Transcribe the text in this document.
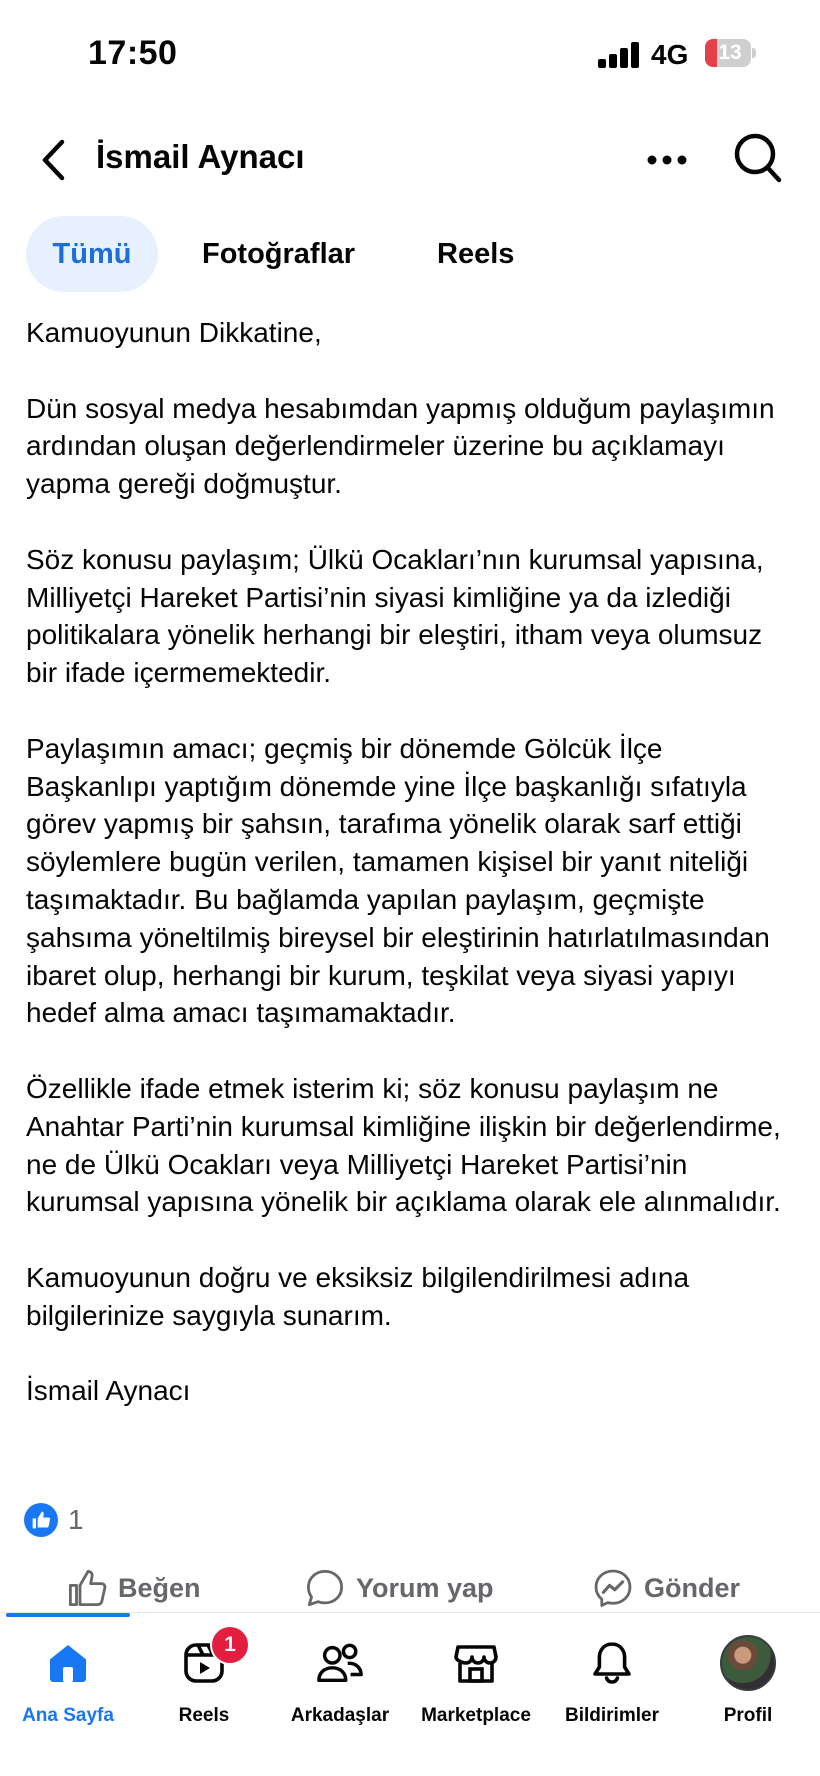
17:50	4G	13
İsmail Aynacı
Tümü	Fotoğraflar	Reels

Kamuoyunun Dikkatine,

Dün sosyal medya hesabımdan yapmış olduğum paylaşımın ardından oluşan değerlendirmeler üzerine bu açıklamayı yapma gereği doğmuştur.

Söz konusu paylaşım; Ülkü Ocakları’nın kurumsal yapısına, Milliyetçi Hareket Partisi’nin siyasi kimliğine ya da izlediği politikalara yönelik herhangi bir eleştiri, itham veya olumsuz bir ifade içermemektedir.

Paylaşımın amacı; geçmiş bir dönemde Gölcük İlçe Başkanlıpı yaptığım dönemde yine İlçe başkanlığı sıfatıyla görev yapmış bir şahsın, tarafıma yönelik olarak sarf ettiği söylemlere bugün verilen, tamamen kişisel bir yanıt niteliği taşımaktadır. Bu bağlamda yapılan paylaşım, geçmişte şahsıma yöneltilmiş bireysel bir eleştirinin hatırlatılmasından ibaret olup, herhangi bir kurum, teşkilat veya siyasi yapıyı hedef alma amacı taşımamaktadır.

Özellikle ifade etmek isterim ki; söz konusu paylaşım ne Anahtar Parti’nin kurumsal kimliğine ilişkin bir değerlendirme, ne de Ülkü Ocakları veya Milliyetçi Hareket Partisi’nin kurumsal yapısına yönelik bir açıklama olarak ele alınmalıdır.

Kamuoyunun doğru ve eksiksiz bilgilendirilmesi adına bilgilerinize saygıyla sunarım.

İsmail Aynacı

1
Beğen	Yorum yap	Gönder
Ana Sayfa
1
Reels	Arkadaşlar	Marketplace	Bildirimler	Profil
